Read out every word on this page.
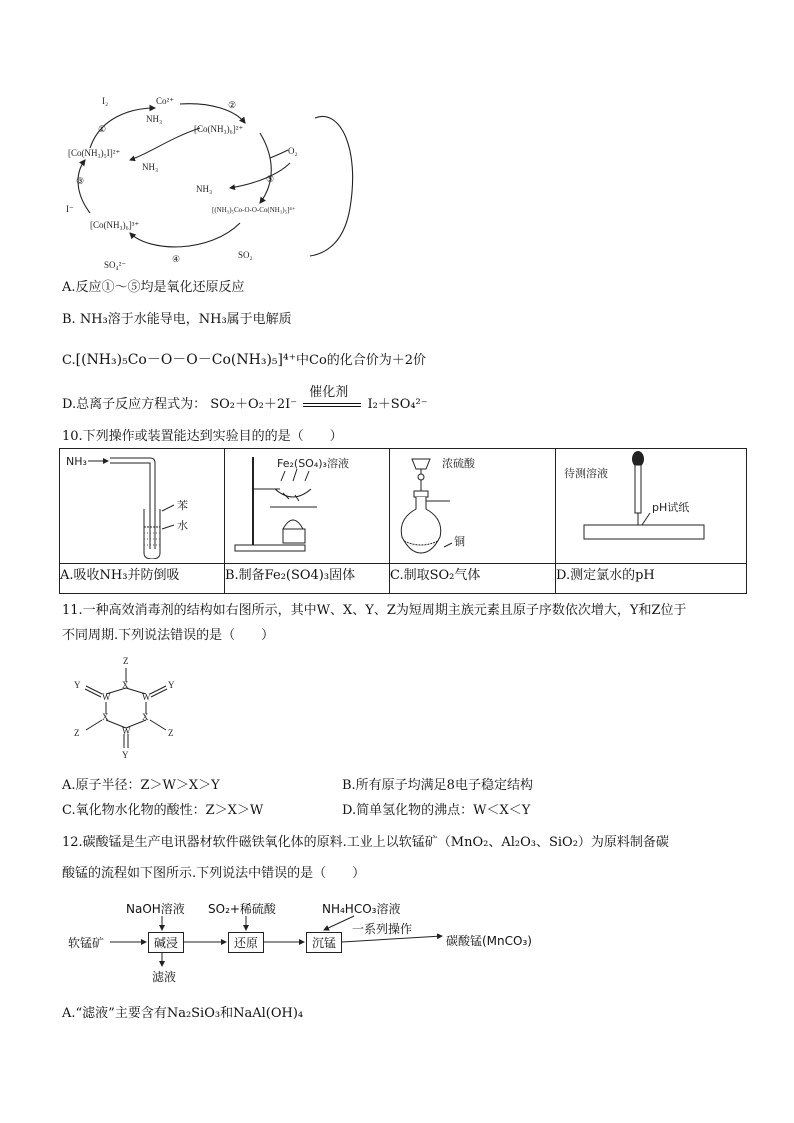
I₂	Co²⁺
NH₃
①
②
[Co(NH₃)₆]²⁺
[Co(NH₃)₅I]²⁺
NH₃
O₂
③	⑤
NH₃
I⁻	[(NH₃)₅Co-O-O-Co(NH₃)₅]⁴⁺
[Co(NH₃)₆]³⁺
④	SO₂
SO₄²⁻
A.反应①～⑤均是氧化还原反应
B. NH₃溶于水能导电，NH₃属于电解质
C.[(NH₃)₅Co－O－O－Co(NH₃)₅]⁴⁺中Co的化合价为＋2价
D.总离子反应方程式为： SO₂＋O₂＋2I⁻
催化剂
I₂＋SO₄²⁻
10.下列操作或装置能达到实验目的的是（　　）
NH₃
苯
水	Fe₂(SO₄)₃溶液	浓硫酸
铜	待测溶液
pH试纸

A.吸收NH₃并防倒吸	B.制备Fe₂(SO4)₃固体	C.制取SO₂气体	D.测定氯水的pH
11.一种高效消毒剂的结构如右图所示，其中W、X、Y、Z为短周期主族元素且原子序数依次增大，Y和Z位于
不同周期.下列说法错误的是（　　）
Z
X
W
Y
W
Y
X
X
W
Y
Z
Z
A.原子半径：Z＞W＞X＞Y	B.所有原子均满足8电子稳定结构
C.氧化物水化物的酸性：Z＞X＞W	D.简单氢化物的沸点：W＜X＜Y
12.碳酸锰是生产电讯器材软件磁铁氧化体的原料.工业上以软锰矿（MnO₂、Al₂O₃、SiO₂）为原料制备碳
酸锰的流程如下图所示.下列说法中错误的是（　　）
NaOH溶液 SO₂+稀硫酸	NH₄HCO₃溶液
软锰矿	碱浸	还原	沉锰
一系列操作
碳酸锰(MnCO₃)
滤液
A.“滤液”主要含有Na₂SiO₃和NaAl(OH)₄
